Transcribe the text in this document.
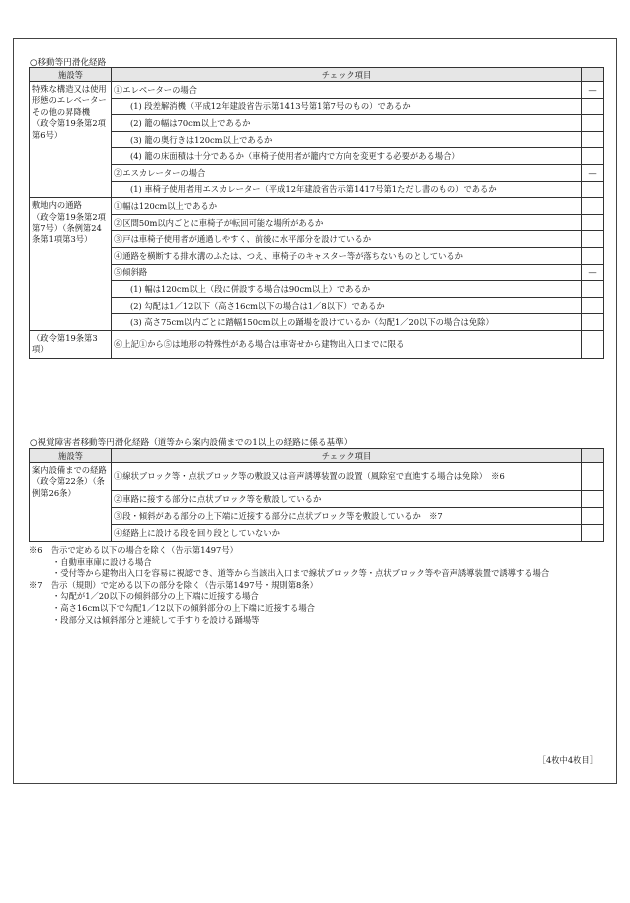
○移動等円滑化経路
施設等	チェック項目	

特殊な構造又は使用形態のエレベーターその他の昇降機
（政令第19条第2項第6号）	①エレベーターの場合	—
	(1) 段差解消機（平成12年建設省告示第1413号第1第7号のもの）であるか	
	(2) 籠の幅は70cm以上であるか	
	(3) 籠の奥行きは120cm以上であるか	
	(4) 籠の床面積は十分であるか（車椅子使用者が籠内で方向を変更する必要がある場合）	
	②エスカレーターの場合	—
	(1) 車椅子使用者用エスカレーター（平成12年建設省告示第1417号第1ただし書のもの）であるか	

敷地内の通路
（政令第19条第2項第7号）（条例第24条第1項第3号）	①幅は120cm以上であるか	
	②区間50m以内ごとに車椅子が転回可能な場所があるか	
	③戸は車椅子使用者が通過しやすく、前後に水平部分を設けているか	
	④通路を横断する排水溝のふたは、つえ、車椅子のキャスター等が落ちないものとしているか	
	⑤傾斜路	—
	(1) 幅は120cm以上（段に併設する場合は90cm以上）であるか	
	(2) 勾配は1／12以下（高さ16cm以下の場合は1／8以下）であるか	
	(3) 高さ75cm以内ごとに踏幅150cm以上の踊場を設けているか（勾配1／20以下の場合は免除）	
（政令第19条第3項）	⑥上記①から⑤は地形の特殊性がある場合は車寄せから建物出入口までに限る	
○視覚障害者移動等円滑化経路（道等から案内設備までの1以上の経路に係る基準）
施設等	チェック項目	

案内設備までの経路
（政令第22条）（条例第26条）	①線状ブロック等・点状ブロック等の敷設又は音声誘導装置の設置（風除室で直進する場合は免除）　※6	
	②車路に接する部分に点状ブロック等を敷設しているか	
	③段・傾斜がある部分の上下端に近接する部分に点状ブロック等を敷設しているか　※7	
	④経路上に設ける段を回り段としていないか	
※6　告示で定める以下の場合を除く（告示第1497号）
・自動車車庫に設ける場合
・受付等から建物出入口を容易に視認でき、道等から当該出入口まで線状ブロック等・点状ブロック等や音声誘導装置で誘導する場合
※7　告示（規則）で定める以下の部分を除く（告示第1497号・規則第8条）
・勾配が1／20以下の傾斜部分の上下端に近接する場合
・高さ16cm以下で勾配1／12以下の傾斜部分の上下端に近接する場合
・段部分又は傾斜部分と連続して手すりを設ける踊場等
［4枚中4枚目］
